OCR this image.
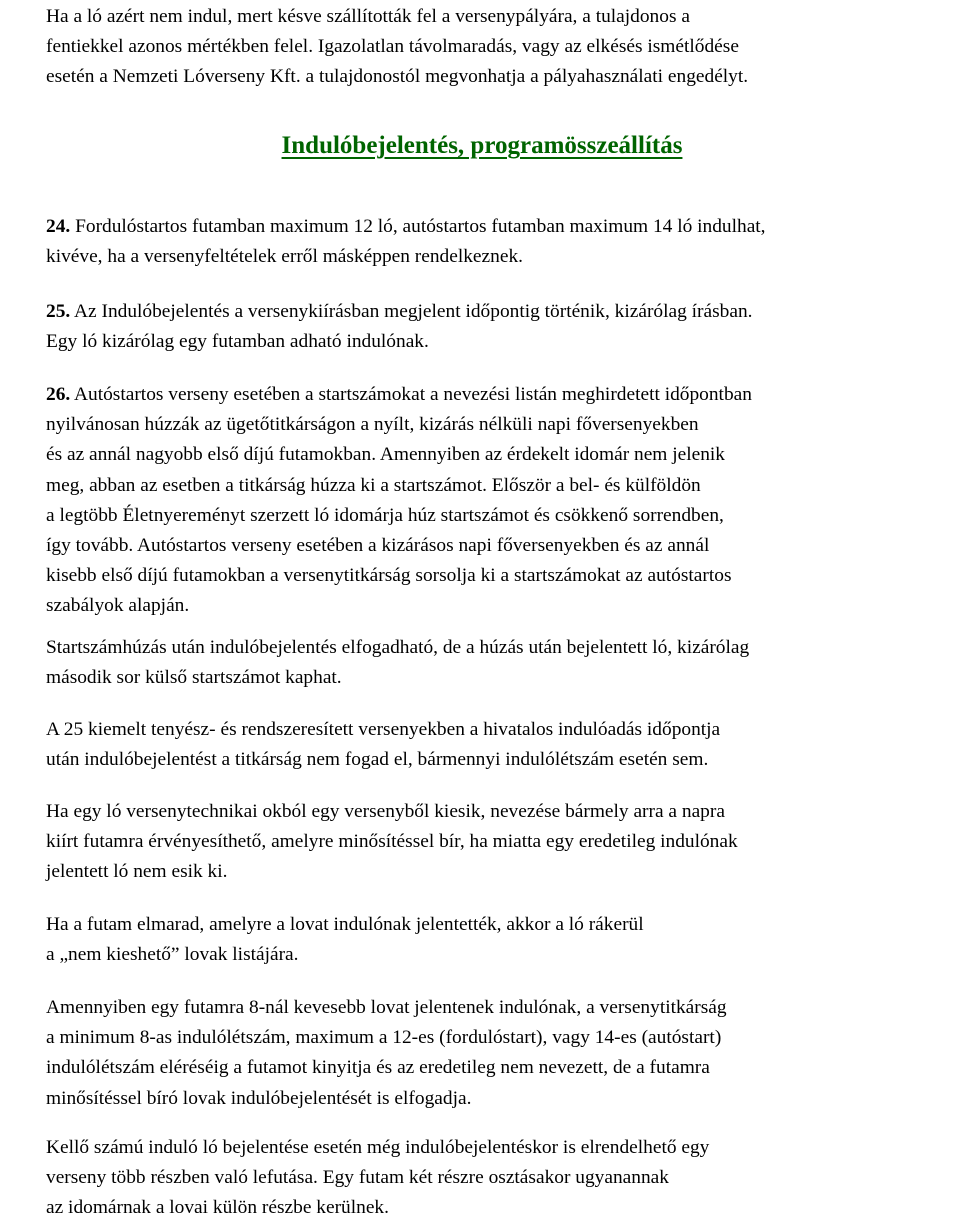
Ha a ló azért nem indul, mert késve szállították fel a versenypályára, a tulajdonos a
fentiekkel azonos mértékben felel. Igazolatlan távolmaradás, vagy az elkésés ismétlődése
esetén a Nemzeti Lóverseny Kft. a tulajdonostól megvonhatja a pályahasználati engedélyt.

Indulóbejelentés, programösszeállítás

24. Fordulóstartos futamban maximum 12 ló, autóstartos futamban maximum 14 ló indulhat,
kivéve, ha a versenyfeltételek erről másképpen rendelkeznek.

25. Az Indulóbejelentés a versenykiírásban megjelent időpontig történik, kizárólag írásban.
Egy ló kizárólag egy futamban adható indulónak.

26. Autóstartos verseny esetében a startszámokat a nevezési listán meghirdetett időpontban
nyilvánosan húzzák az ügetőtitkárságon a nyílt, kizárás nélküli napi főversenyekben
és az annál nagyobb első díjú futamokban. Amennyiben az érdekelt idomár nem jelenik
meg, abban az esetben a titkárság húzza ki a startszámot. Először a bel- és külföldön
a legtöbb Életnyereményt szerzett ló idomárja húz startszámot és csökkenő sorrendben,
így tovább. Autóstartos verseny esetében a kizárásos napi főversenyekben és az annál
kisebb első díjú futamokban a versenytitkárság sorsolja ki a startszámokat az autóstartos
szabályok alapján.

Startszámhúzás után indulóbejelentés elfogadható, de a húzás után bejelentett ló, kizárólag
második sor külső startszámot kaphat.

A 25 kiemelt tenyész- és rendszeresített versenyekben a hivatalos indulóadás időpontja
után indulóbejelentést a titkárság nem fogad el, bármennyi indulólétszám esetén sem.

Ha egy ló versenytechnikai okból egy versenyből kiesik, nevezése bármely arra a napra
kiírt futamra érvényesíthető, amelyre minősítéssel bír, ha miatta egy eredetileg indulónak
jelentett ló nem esik ki.

Ha a futam elmarad, amelyre a lovat indulónak jelentették, akkor a ló rákerül
a „nem kieshető” lovak listájára.

Amennyiben egy futamra 8-nál kevesebb lovat jelentenek indulónak, a versenytitkárság
a minimum 8-as indulólétszám, maximum a 12-es (fordulóstart), vagy 14-es (autóstart)
indulólétszám eléréséig a futamot kinyitja és az eredetileg nem nevezett, de a futamra
minősítéssel bíró lovak indulóbejelentését is elfogadja.

Kellő számú induló ló bejelentése esetén még indulóbejelentéskor is elrendelhető egy
verseny több részben való lefutása. Egy futam két részre osztásakor ugyanannak
az idomárnak a lovai külön részbe kerülnek.
